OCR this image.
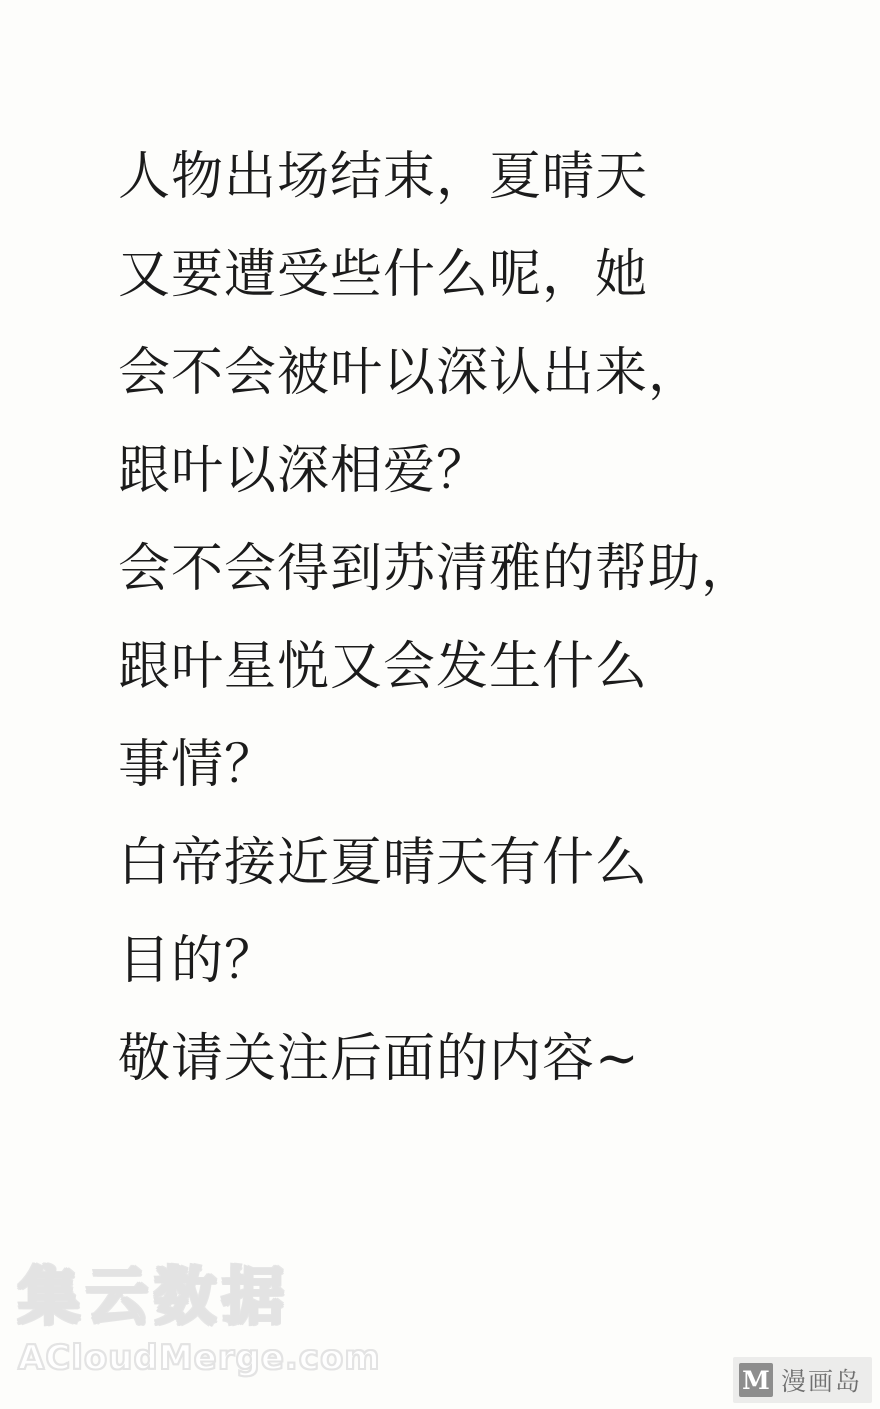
人物出场结束，夏晴天
又要遭受些什么呢，她
会不会被叶以深认出来，
跟叶以深相爱？
会不会得到苏清雅的帮助，
跟叶星悦又会发生什么
事情？
白帝接近夏晴天有什么
目的？
敬请关注后面的内容~
集云数据
ACloudMerge.com
M 漫画岛
